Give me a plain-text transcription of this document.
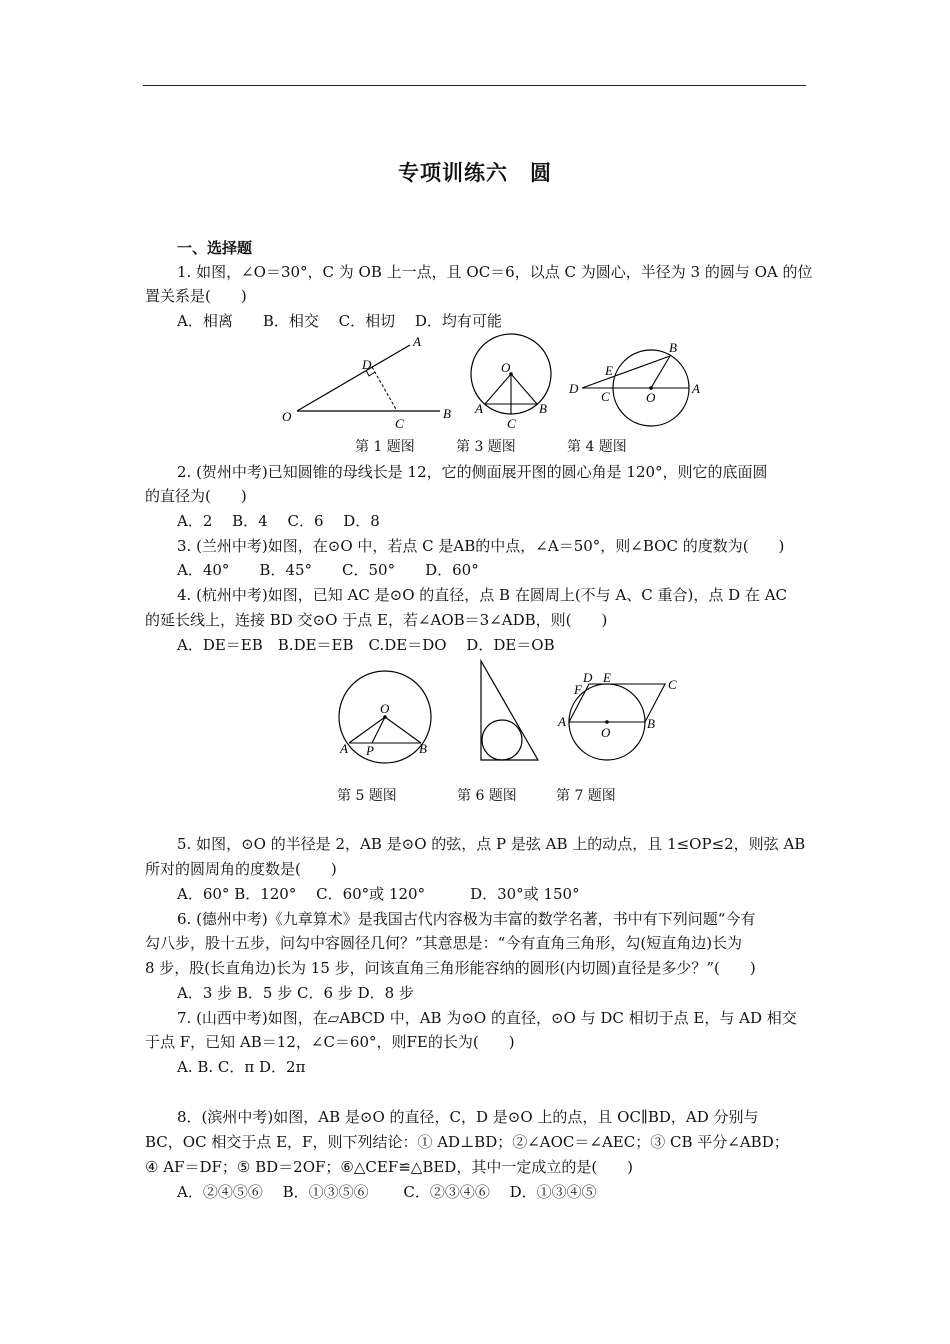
专项训练六　圆
一、选择题
1. 如图，∠O＝30°，C 为 OB 上一点，且 OC＝6，以点 C 为圆心，半径为 3 的圆与 OA 的位
置关系是(　　)
A．相离　　B．相交　 C．相切　 D．均有可能
O
A
B
C
D	O
A	B
C
D
E
B
C	O
A
O
A P	B
D E
F	C
A
O
B
第 1 题图	第 3 题图	第 4 题图
2. (贺州中考)已知圆锥的母线长是 12，它的侧面展开图的圆心角是 120°，则它的底面圆
的直径为(　　)
A．2　 B．4　 C．6　 D．8
3. (兰州中考)如图，在⊙O 中，若点 C 是AB的中点，∠A＝50°，则∠BOC 的度数为(　　)
A．40°　　B．45°　　C．50°　　D．60°
4. (杭州中考)如图，已知 AC 是⊙O 的直径，点 B 在圆周上(不与 A、C 重合)，点 D 在 AC
的延长线上，连接 BD 交⊙O 于点 E，若∠AOB＝3∠ADB，则(　　)
A．DE＝EB　B.DE＝EB　C.DE＝DO　 D．DE＝OB
第 5 题图	第 6 题图	第 7 题图
5. 如图，⊙O 的半径是 2，AB 是⊙O 的弦，点 P 是弦 AB 上的动点，且 1≤OP≤2，则弦 AB
所对的圆周角的度数是(　　)
A．60° B．120°　 C．60°或 120°　　　D．30°或 150°
6. (德州中考)《九章算术》是我国古代内容极为丰富的数学名著，书中有下列问题“今有
勾八步，股十五步，问勾中容圆径几何？”其意思是：“今有直角三角形，勾(短直角边)长为
8 步，股(长直角边)长为 15 步，问该直角三角形能容纳的圆形(内切圆)直径是多少？”(　　)
A．3 步 B．5 步 C．6 步 D．8 步
7. (山西中考)如图，在▱ABCD 中，AB 为⊙O 的直径，⊙O 与 DC 相切于点 E，与 AD 相交
于点 F，已知 AB＝12，∠C＝60°，则FE的长为(　　)
A. B. C．π D．2π
8．(滨州中考)如图，AB 是⊙O 的直径，C，D 是⊙O 上的点，且 OC∥BD，AD 分别与
BC，OC 相交于点 E，F，则下列结论：① AD⊥BD；②∠AOC＝∠AEC；③ CB 平分∠ABD；
④ AF＝DF；⑤ BD＝2OF；⑥△CEF≌△BED，其中一定成立的是(　　)
A．②④⑤⑥　 B．①③⑤⑥　　 C．②③④⑥　 D．①③④⑤
